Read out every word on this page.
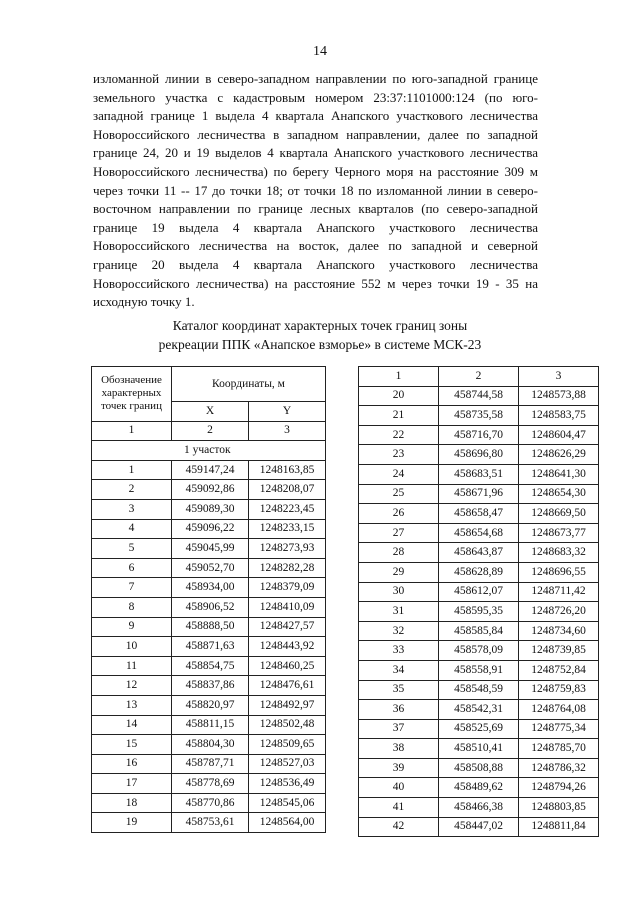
14
изломанной линии в северо-западном направлении по юго-западной границе
земельного участка с кадастровым номером 23:37:1101000:124 (по юго-
западной границе 1 выдела 4 квартала Анапского участкового лесничества
Новороссийского лесничества в западном направлении, далее по западной
границе 24, 20 и 19 выделов 4 квартала Анапского участкового лесничества
Новороссийского лесничества) по берегу Черного моря на расстояние 309 м
через точки 11 -- 17 до точки 18; от точки 18 по изломанной линии в северо-
восточном направлении по границе лесных кварталов (по северо-западной
границе 19 выдела 4 квартала Анапского участкового лесничества
Новороссийского лесничества на восток, далее по западной и северной
границе 20 выдела 4 квартала Анапского участкового лесничества
Новороссийского лесничества) на расстояние 552 м через точки 19 - 35 на
исходную точку 1.
Каталог координат характерных точек границ зоны
рекреации ППК «Анапское взморье» в системе МСК-23
Обозначение характерных точек границ	Координаты, м	
	X	Y
1	2	3
1 участок		
1	459147,24	1248163,85
2	459092,86	1248208,07
3	459089,30	1248223,45
4	459096,22	1248233,15
5	459045,99	1248273,93
6	459052,70	1248282,28
7	458934,00	1248379,09
8	458906,52	1248410,09
9	458888,50	1248427,57
10	458871,63	1248443,92
11	458854,75	1248460,25
12	458837,86	1248476,61
13	458820,97	1248492,97
14	458811,15	1248502,48
15	458804,30	1248509,65
16	458787,71	1248527,03
17	458778,69	1248536,49
18	458770,86	1248545,06
19	458753,61	1248564,00
1	2	3
20	458744,58	1248573,88
21	458735,58	1248583,75
22	458716,70	1248604,47
23	458696,80	1248626,29
24	458683,51	1248641,30
25	458671,96	1248654,30
26	458658,47	1248669,50
27	458654,68	1248673,77
28	458643,87	1248683,32
29	458628,89	1248696,55
30	458612,07	1248711,42
31	458595,35	1248726,20
32	458585,84	1248734,60
33	458578,09	1248739,85
34	458558,91	1248752,84
35	458548,59	1248759,83
36	458542,31	1248764,08
37	458525,69	1248775,34
38	458510,41	1248785,70
39	458508,88	1248786,32
40	458489,62	1248794,26
41	458466,38	1248803,85
42	458447,02	1248811,84
